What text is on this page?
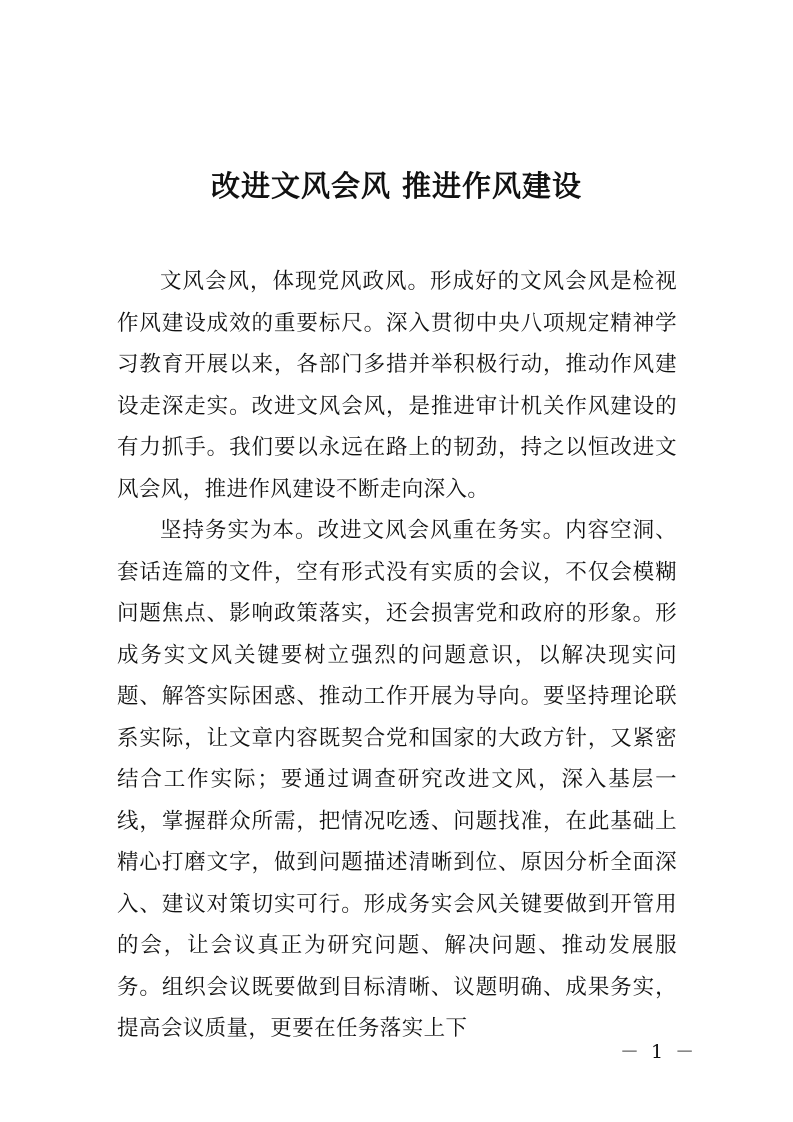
改进文风会风 推进作风建设

文风会风，体现党风政风。形成好的文风会风是检视作风建设成效的重要标尺。深入贯彻中央八项规定精神学习教育开展以来，各部门多措并举积极行动，推动作风建设走深走实。改进文风会风，是推进审计机关作风建设的有力抓手。我们要以永远在路上的韧劲，持之以恒改进文风会风，推进作风建设不断走向深入。

坚持务实为本。改进文风会风重在务实。内容空洞、套话连篇的文件，空有形式没有实质的会议，不仅会模糊问题焦点、影响政策落实，还会损害党和政府的形象。形成务实文风关键要树立强烈的问题意识，以解决现实问题、解答实际困惑、推动工作开展为导向。要坚持理论联系实际，让文章内容既契合党和国家的大政方针，又紧密结合工作实际；要通过调查研究改进文风，深入基层一线，掌握群众所需，把情况吃透、问题找准，在此基础上精心打磨文字，做到问题描述清晰到位、原因分析全面深入、建议对策切实可行。形成务实会风关键要做到开管用的会，让会议真正为研究问题、解决问题、推动发展服务。组织会议既要做到目标清晰、议题明确、成果务实，提高会议质量，更要在任务落实上下

－ 1 －
